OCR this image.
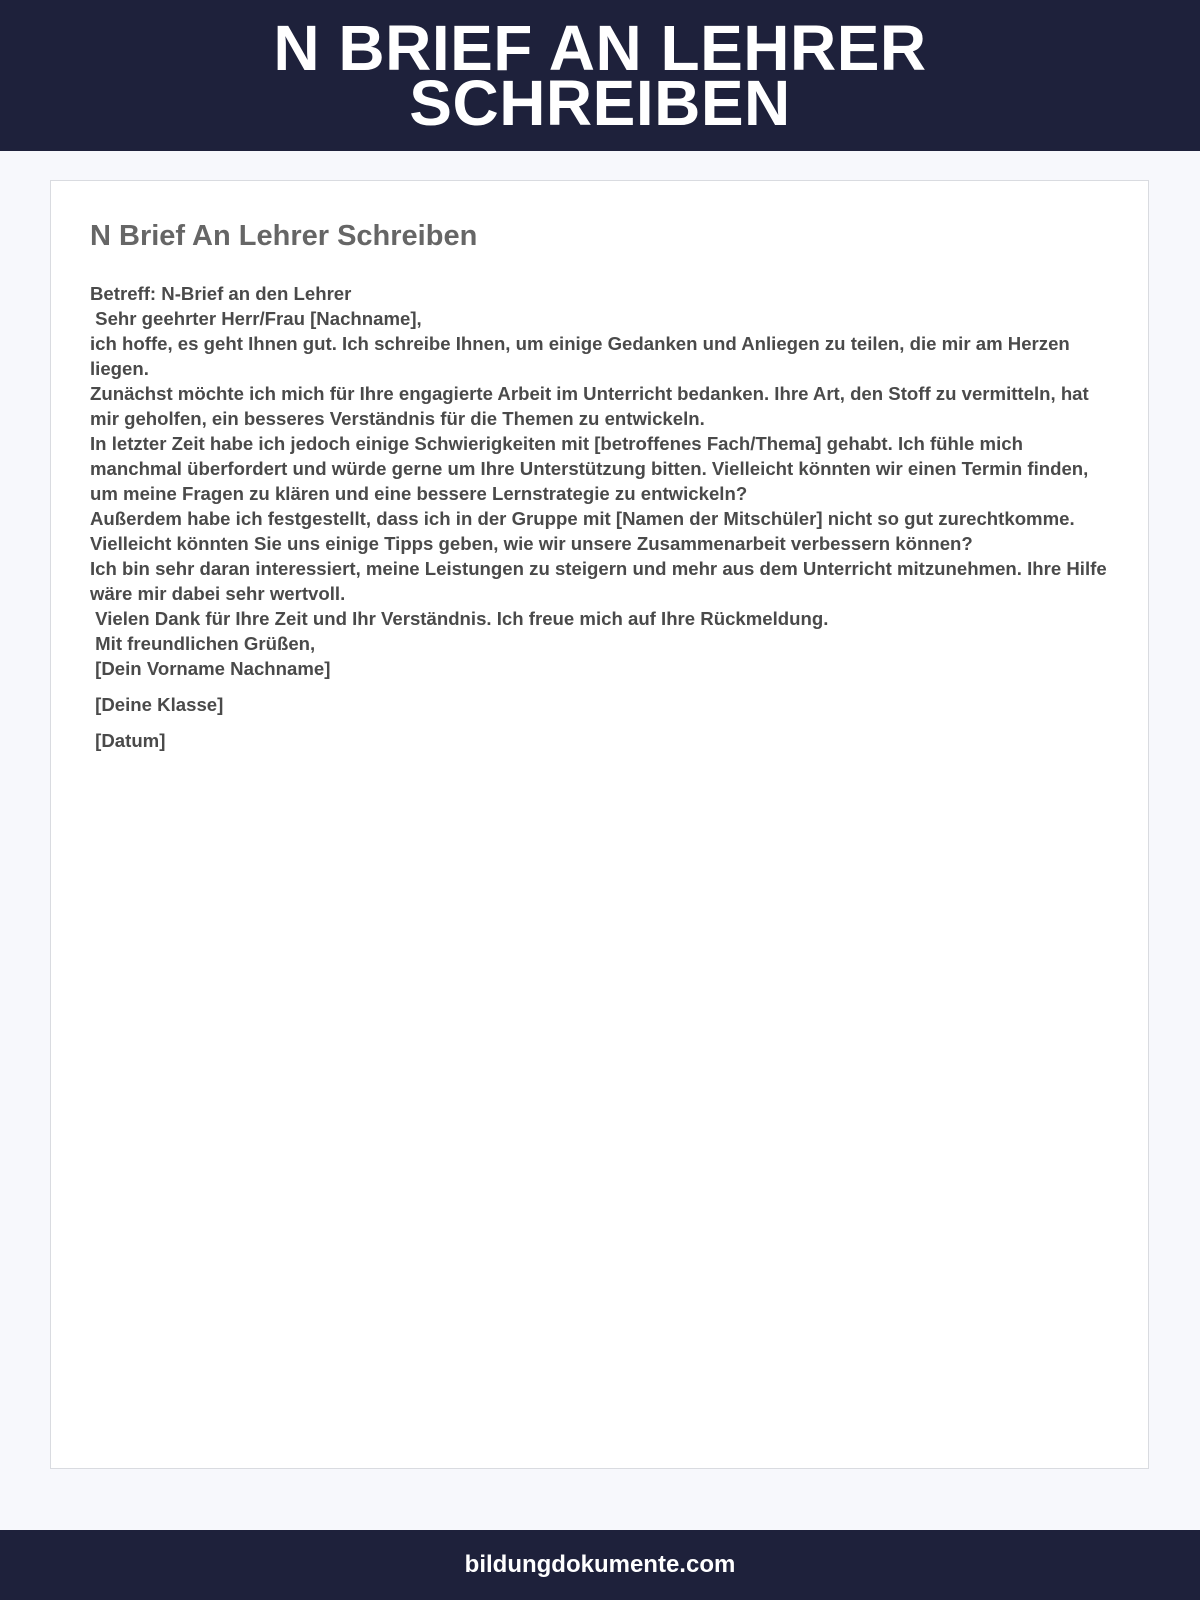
N BRIEF AN LEHRER SCHREIBEN
N Brief An Lehrer Schreiben
Betreff: N-Brief an den Lehrer
Sehr geehrter Herr/Frau [Nachname],
ich hoffe, es geht Ihnen gut. Ich schreibe Ihnen, um einige Gedanken und Anliegen zu teilen, die mir am Herzen liegen.
Zunächst möchte ich mich für Ihre engagierte Arbeit im Unterricht bedanken. Ihre Art, den Stoff zu vermitteln, hat mir geholfen, ein besseres Verständnis für die Themen zu entwickeln.
In letzter Zeit habe ich jedoch einige Schwierigkeiten mit [betroffenes Fach/Thema] gehabt. Ich fühle mich manchmal überfordert und würde gerne um Ihre Unterstützung bitten. Vielleicht könnten wir einen Termin finden, um meine Fragen zu klären und eine bessere Lernstrategie zu entwickeln?
Außerdem habe ich festgestellt, dass ich in der Gruppe mit [Namen der Mitschüler] nicht so gut zurechtkomme. Vielleicht könnten Sie uns einige Tipps geben, wie wir unsere Zusammenarbeit verbessern können?
Ich bin sehr daran interessiert, meine Leistungen zu steigern und mehr aus dem Unterricht mitzunehmen. Ihre Hilfe wäre mir dabei sehr wertvoll.
Vielen Dank für Ihre Zeit und Ihr Verständnis. Ich freue mich auf Ihre Rückmeldung.
Mit freundlichen Grüßen,
[Dein Vorname Nachname]
[Deine Klasse]
[Datum]
bildungdokumente.com
